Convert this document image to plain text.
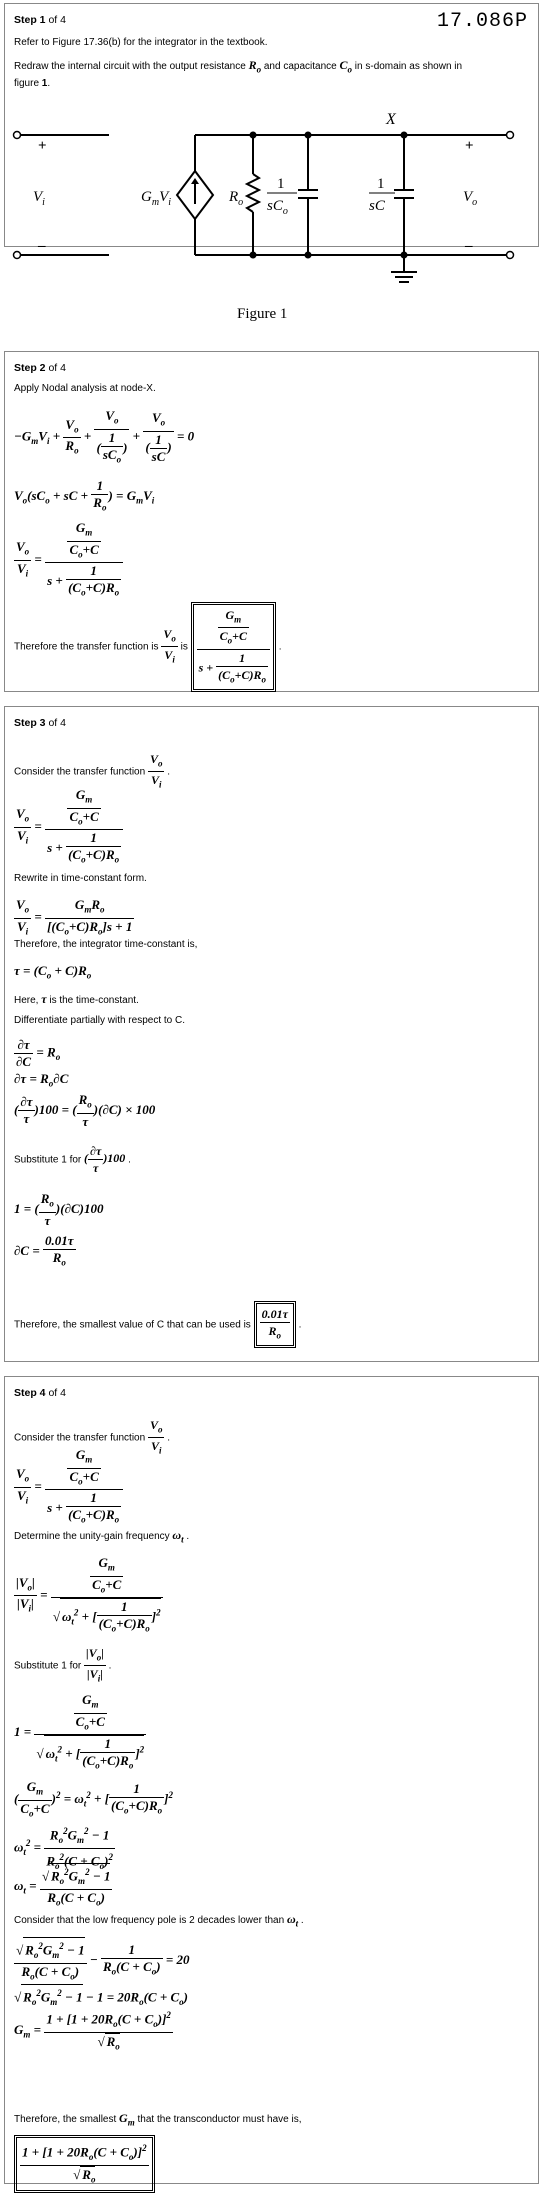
Step 1 of 4	17.086P
Refer to Figure 17.36(b) for the integrator in the textbook.
Redraw the internal circuit with the output resistance $R_o$ and capacitance $C_o$ in s-domain as shown in
figure 1.
+
–
+
–
X
$V_i$	$V_o$
$G_mV_i$	$R_o$
1
$sC_o$
1
sC
Figure 1
Step 2 of 4
Apply Nodal analysis at node-X.
$-G_mV_i + \frac{V_o}{R_o} + \frac{V_o}{( \frac{1}{sC_o} )} + \frac{V_o}{( \frac{1}{sC} )} = 0$
$V_o(sC_o$ + sC + $\frac{1}{R_o}$ ) = $G_mV_i$
$\frac{V_o}{V_i} = \frac{\frac{G_m}{C_o+C}}{s + \frac{1}{(C_o+C)R_o}}$
Therefore the transfer function is $\frac{V_o}{V_i}$ is $\frac{\frac{G_m}{C_o+C}}{s + \frac{1}{(C_o+C)R_o}}$ .
Step 3 of 4
Consider the transfer function $\frac{V_o}{V_i}$ .
$\frac{V_o}{V_i} = \frac{\frac{G_m}{C_o+C}}{s + \frac{1}{(C_o+C)R_o}}$
Rewrite in time-constant form.
$\frac{V_o}{V_i} = \frac{G_mR_o}{[(C_o+C)R_o]s + 1}$
Therefore, the integrator time-constant is,
$\tau = (C_o + C)R_o$
Here, τ is the time-constant.
Differentiate partially with respect to C.
$\frac{\partial\tau}{\partial C} = R_o$
$\partial\tau = R_o\partial C$
( $\frac{\partial\tau}{\tau} )100$ = ( $\frac{R_o}{\tau} )(\partial C) \times 100$
Substitute 1 for ( $\frac{\partial\tau}{\tau} )100$ .
1 = ( $\frac{R_o}{\tau} )(\partial C)100$
$\partial C = \frac{0.01\tau}{R_o}$
Therefore, the smallest value of C that can be used is $\frac{0.01\tau}{R_o}$ .
Step 4 of 4
Consider the transfer function $\frac{V_o}{V_i}$ .
$\frac{V_o}{V_i} = \frac{\frac{G_m}{C_o+C}}{s + \frac{1}{(C_o+C)R_o}}$
Determine the unity-gain frequency $\omega_t$ .
$\frac{|V_o|}{|V_i|} = \frac{\frac{G_m}{C_o+C}}{√ \omega_t^2 + [ \frac{1}{(C_o+C)R_o} ]^2}$
Substitute 1 for $\frac{|V_o|}{|V_i|}$ .
$1 = \frac{\frac{G_m}{C_o+C}}{√ \omega_t^2 + [ \frac{1}{(C_o+C)R_o} ]^2}$
( $\frac{G_m}{C_o+C} )^2 = \omega_t^2$ + [ $\frac{1}{(C_o+C)R_o} ]^2$
$\omega_t^2 = \frac{R_o^2G_m^2 - 1}{R_o^2(C + C_o)^2}$
$\omega_t = \frac{√ R_o^2G_m^2 - 1}{R_o(C + C_o)}$
Consider that the low frequency pole is 2 decades lower than $\omega_t$ .
$\frac{√ R_o^2G_m^2 - 1}{R_o(C + C_o)} - \frac{1}{R_o(C + C_o)} = 20$
√ $R_o^2G_m^2 - 1 - 1 = 20R_o(C + C_o)$
$G_m = \frac{1 + [1 + 20R_o(C + C_o)]^2}{√ R_o}$
Therefore, the smallest $G_m$ that the transconductor must have is,
$\frac{1 + [1 + 20R_o(C + C_o)]^2}{√ R_o}$
